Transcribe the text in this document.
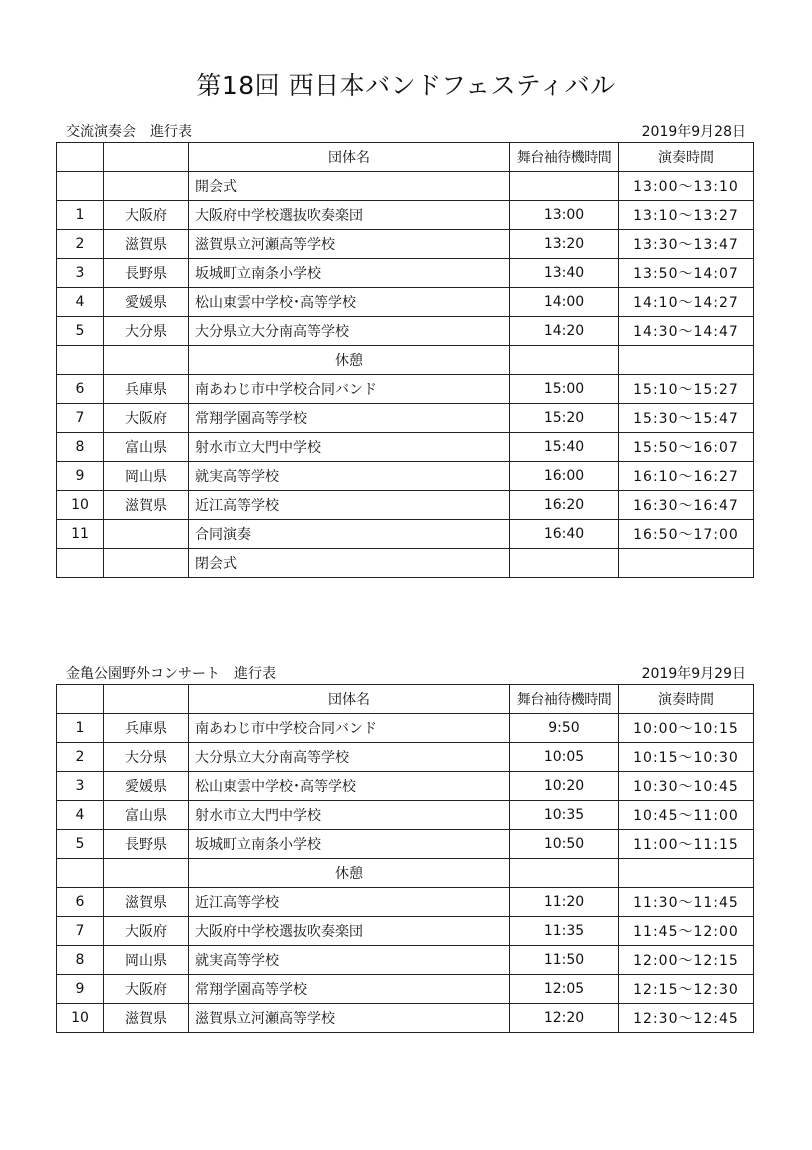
第18回 西日本バンドフェスティバル
交流演奏会　進行表	2019年9月28日
		団体名	舞台袖待機時間	演奏時間
		開会式		13:00〜13:10
1	大阪府	大阪府中学校選抜吹奏楽団	13:00	13:10〜13:27
2	滋賀県	滋賀県立河瀬高等学校	13:20	13:30〜13:47
3	長野県	坂城町立南条小学校	13:40	13:50〜14:07
4	愛媛県	松山東雲中学校･高等学校	14:00	14:10〜14:27
5	大分県	大分県立大分南高等学校	14:20	14:30〜14:47
		休憩		
6	兵庫県	南あわじ市中学校合同バンド	15:00	15:10〜15:27
7	大阪府	常翔学園高等学校	15:20	15:30〜15:47
8	富山県	射水市立大門中学校	15:40	15:50〜16:07
9	岡山県	就実高等学校	16:00	16:10〜16:27
10	滋賀県	近江高等学校	16:20	16:30〜16:47
11		合同演奏	16:40	16:50〜17:00
		閉会式		
金亀公園野外コンサート　進行表	2019年9月29日
		団体名	舞台袖待機時間	演奏時間
1	兵庫県	南あわじ市中学校合同バンド	9:50	10:00〜10:15
2	大分県	大分県立大分南高等学校	10:05	10:15〜10:30
3	愛媛県	松山東雲中学校･高等学校	10:20	10:30〜10:45
4	富山県	射水市立大門中学校	10:35	10:45〜11:00
5	長野県	坂城町立南条小学校	10:50	11:00〜11:15
		休憩		
6	滋賀県	近江高等学校	11:20	11:30〜11:45
7	大阪府	大阪府中学校選抜吹奏楽団	11:35	11:45〜12:00
8	岡山県	就実高等学校	11:50	12:00〜12:15
9	大阪府	常翔学園高等学校	12:05	12:15〜12:30
10	滋賀県	滋賀県立河瀬高等学校	12:20	12:30〜12:45
